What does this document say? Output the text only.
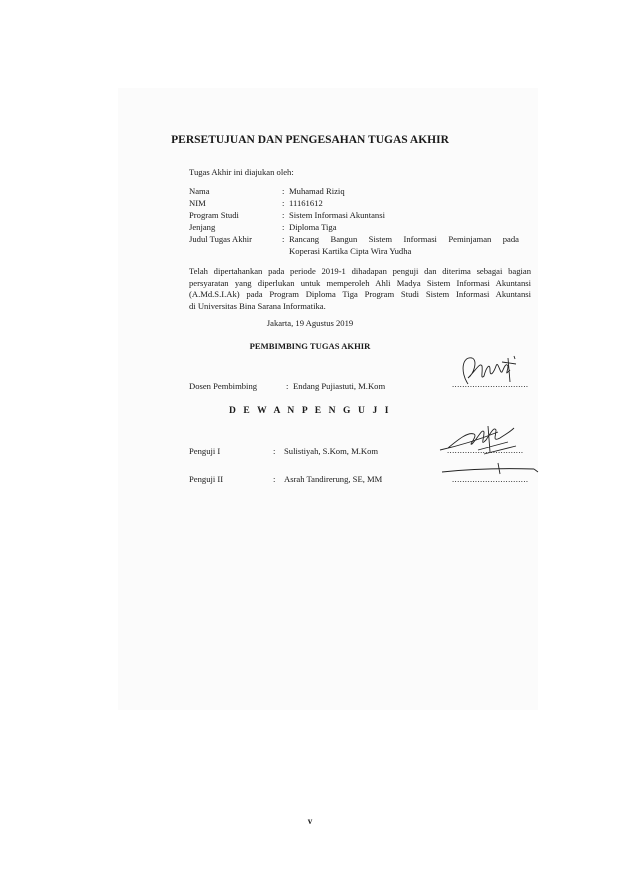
PERSETUJUAN DAN PENGESAHAN TUGAS AKHIR
Tugas Akhir ini diajukan oleh:
Nama	: Muhamad Riziq
NIM	: 11161612
Program Studi	: Sistem Informasi Akuntansi
Jenjang	: Diploma Tiga
Judul Tugas Akhir	: Rancang Bangun Sistem Informasi Peminjaman pada
Koperasi Kartika Cipta Wira Yudha
Telah dipertahankan pada periode 2019-1 dihadapan penguji dan diterima sebagai bagian
persyaratan yang diperlukan untuk memperoleh Ahli Madya Sistem Informasi Akuntansi
(A.Md.S.I.Ak) pada Program Diploma Tiga Program Studi Sistem Informasi Akuntansi
di Universitas Bina Sarana Informatika.
Jakarta, 19 Agustus 2019
PEMBIMBING TUGAS AKHIR
Dosen Pembimbing	: Endang Pujiastuti, M.Kom	..............................
D E W A N P E N G U J I
Penguji I	: Sulistiyah, S.Kom, M.Kom	..............................
Penguji II	: Asrah Tandirerung, SE, MM	..............................
v
